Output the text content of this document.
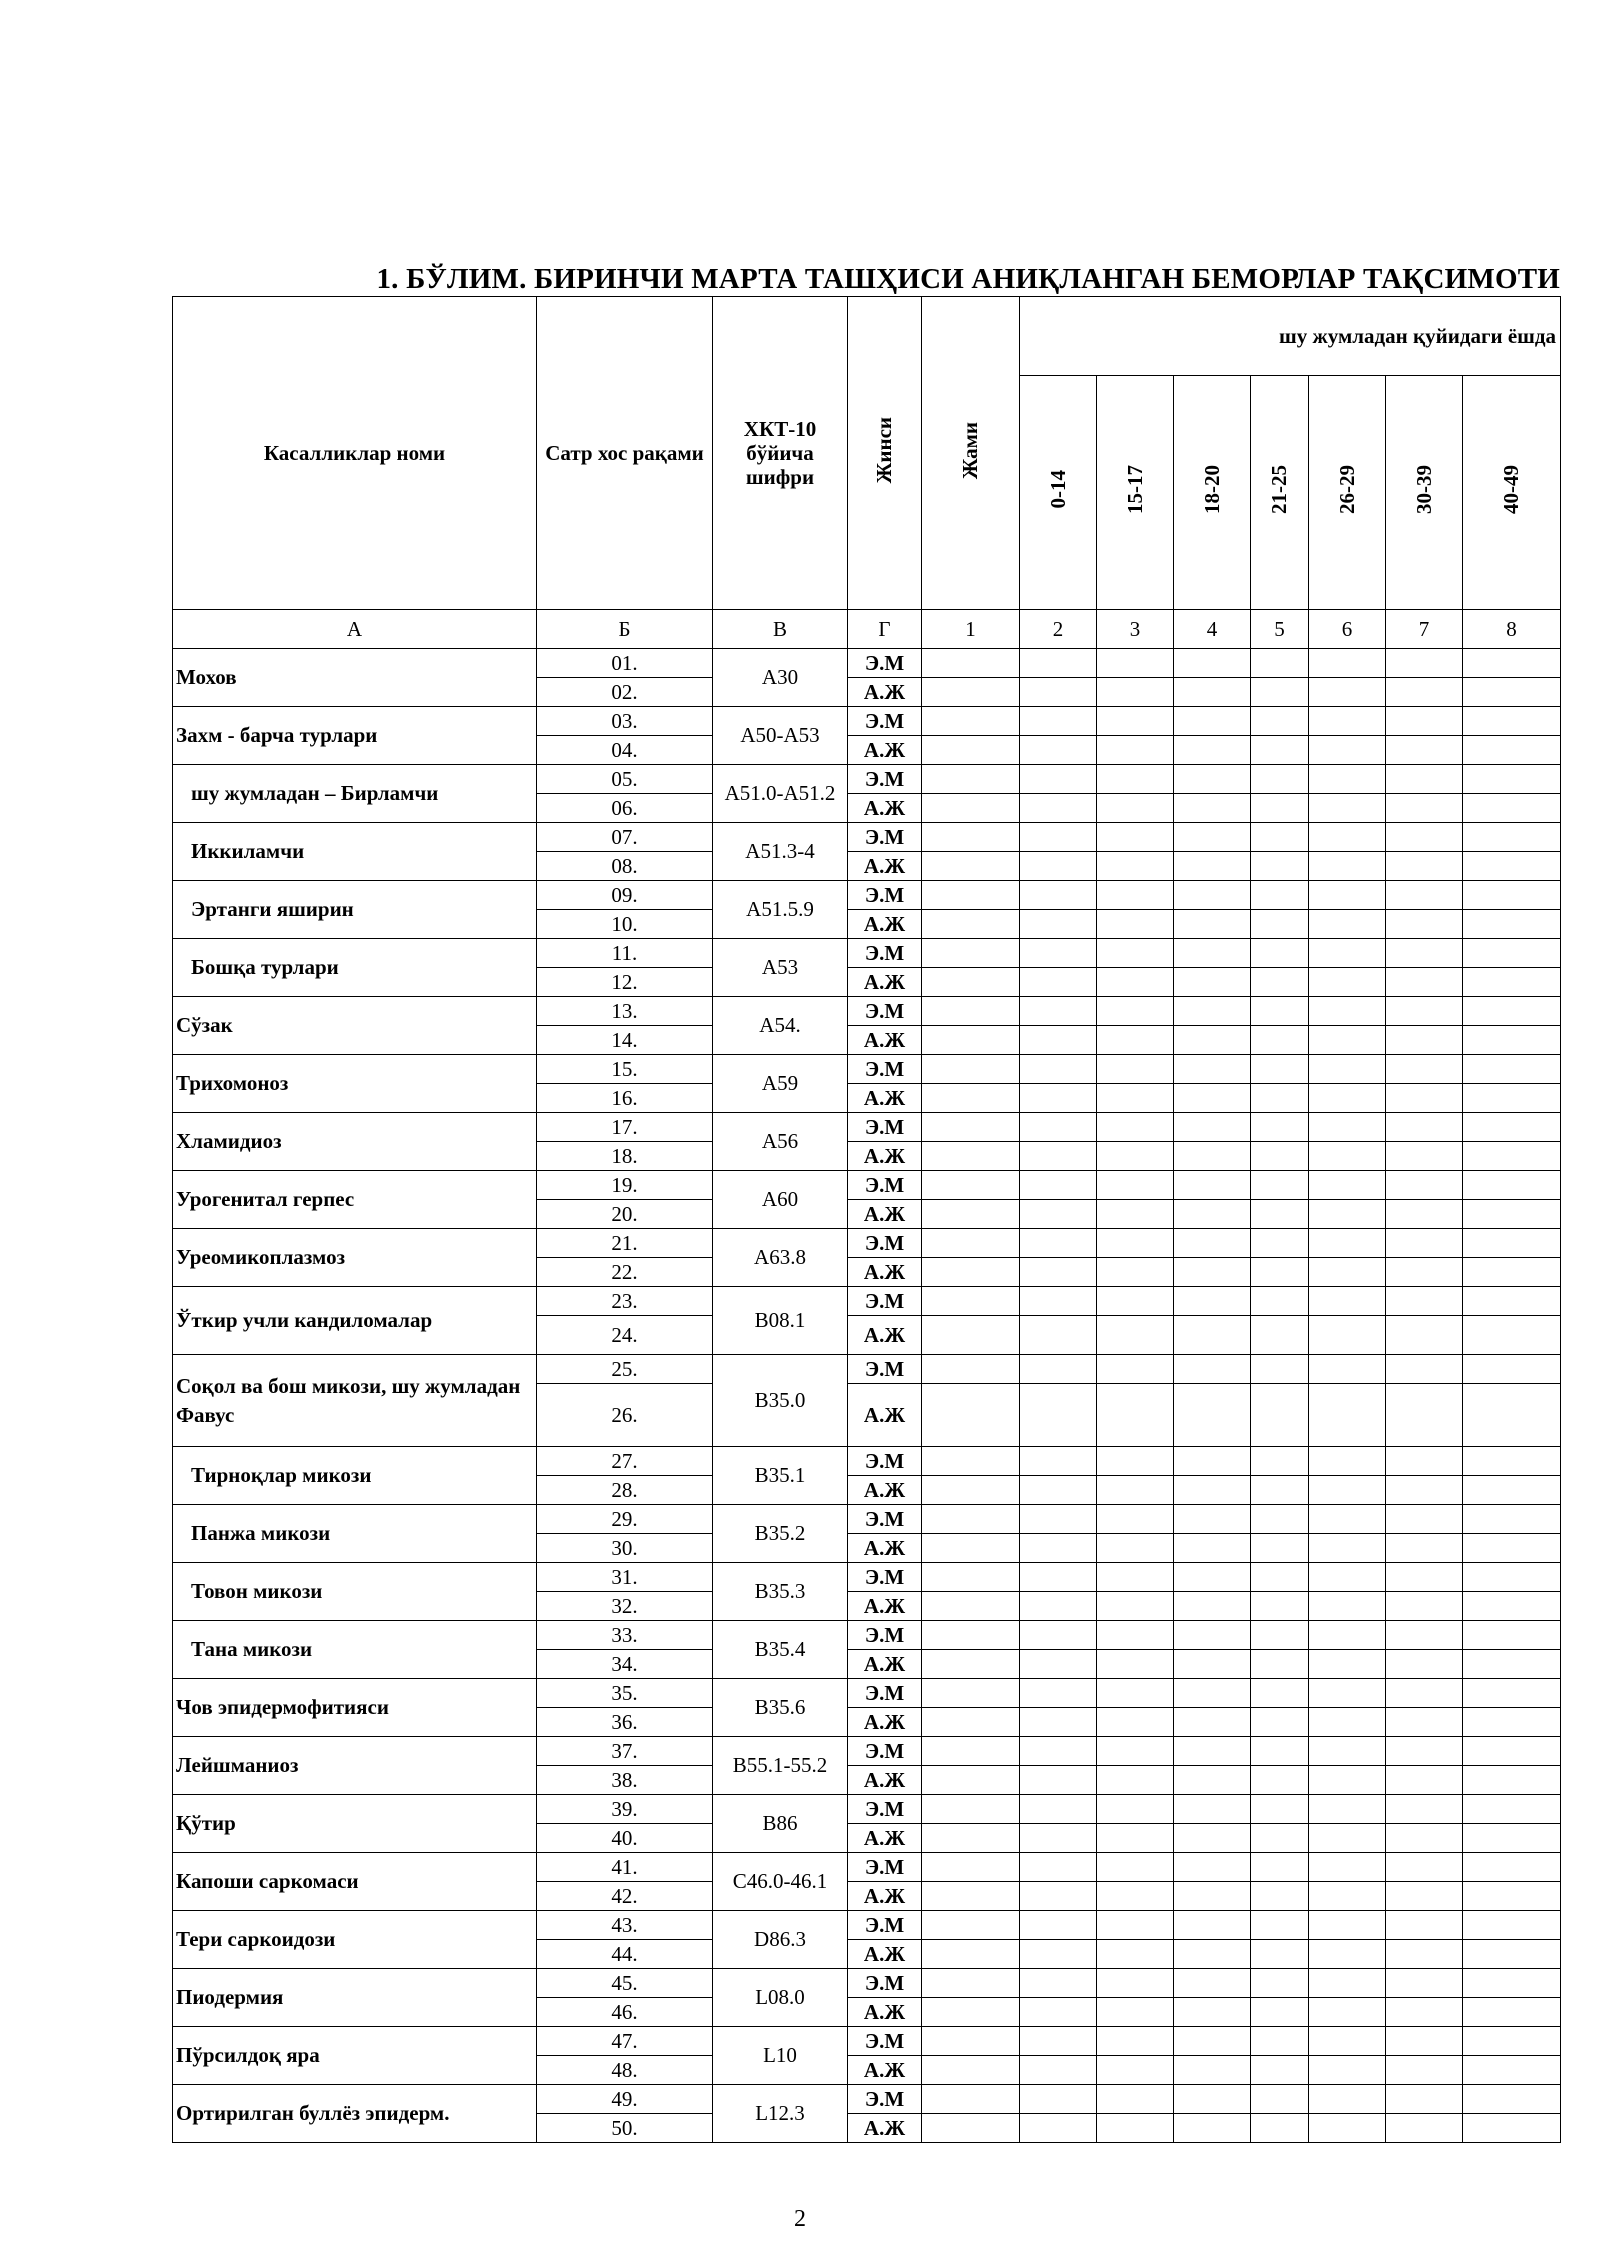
1. БЎЛИМ. БИРИНЧИ МАРТА ТАШҲИСИ АНИҚЛАНГАН БЕМОРЛАР ТАҚСИМОТИ
Касалликлар номи	Сатр хос рақами	ХКТ-10 бўйича шифри	Жинси	Жами	шу жумладан қуйидаги ёшда						
					0-14	15-17	18-20	21-25	26-29	30-39	40-49
А	Б	В	Г	1	2	3	4	5	6	7	8
Мохов	01.	A30	Э.М								
	02.		А.Ж								
Захм - барча турлари	03.	A50-A53	Э.М								
	04.		А.Ж								
шу жумладан – Бирламчи	05.	A51.0-A51.2	Э.М								
	06.		А.Ж								
Иккиламчи	07.	A51.3-4	Э.М								
	08.		А.Ж								
Эртанги яширин	09.	A51.5.9	Э.М								
	10.		А.Ж								
Бошқа турлари	11.	A53	Э.М								
	12.		А.Ж								
Сўзак	13.	A54.	Э.М								
	14.		А.Ж								
Трихомоноз	15.	A59	Э.М								
	16.		А.Ж								
Хламидиоз	17.	A56	Э.М								
	18.		А.Ж								
Урогенитал герпес	19.	A60	Э.М								
	20.		А.Ж								
Уреомикоплазмоз	21.	A63.8	Э.М								
	22.		А.Ж								
Ўткир учли кандиломалар	23.	B08.1	Э.М								
	24.		А.Ж								
Соқол ва бош микози, шу жумладан Фавус	25.	B35.0	Э.М								
	26.		А.Ж								
Тирноқлар микози	27.	B35.1	Э.М								
	28.		А.Ж								
Панжа микози	29.	B35.2	Э.М								
	30.		А.Ж								
Товон микози	31.	B35.3	Э.М								
	32.		А.Ж								
Тана микози	33.	B35.4	Э.М								
	34.		А.Ж								
Чов эпидермофитияси	35.	B35.6	Э.М								
	36.		А.Ж								
Лейшманиоз	37.	B55.1-55.2	Э.М								
	38.		А.Ж								
Қўтир	39.	B86	Э.М								
	40.		А.Ж								
Капоши саркомаси	41.	C46.0-46.1	Э.М								
	42.		А.Ж								
Тери саркоидози	43.	D86.3	Э.М								
	44.		А.Ж								
Пиодермия	45.	L08.0	Э.М								
	46.		А.Ж								
Пўрсилдоқ яра	47.	L10	Э.М								
	48.		А.Ж								
Ортирилган буллёз эпидерм.	49.	L12.3	Э.М								
	50.		А.Ж								
2
